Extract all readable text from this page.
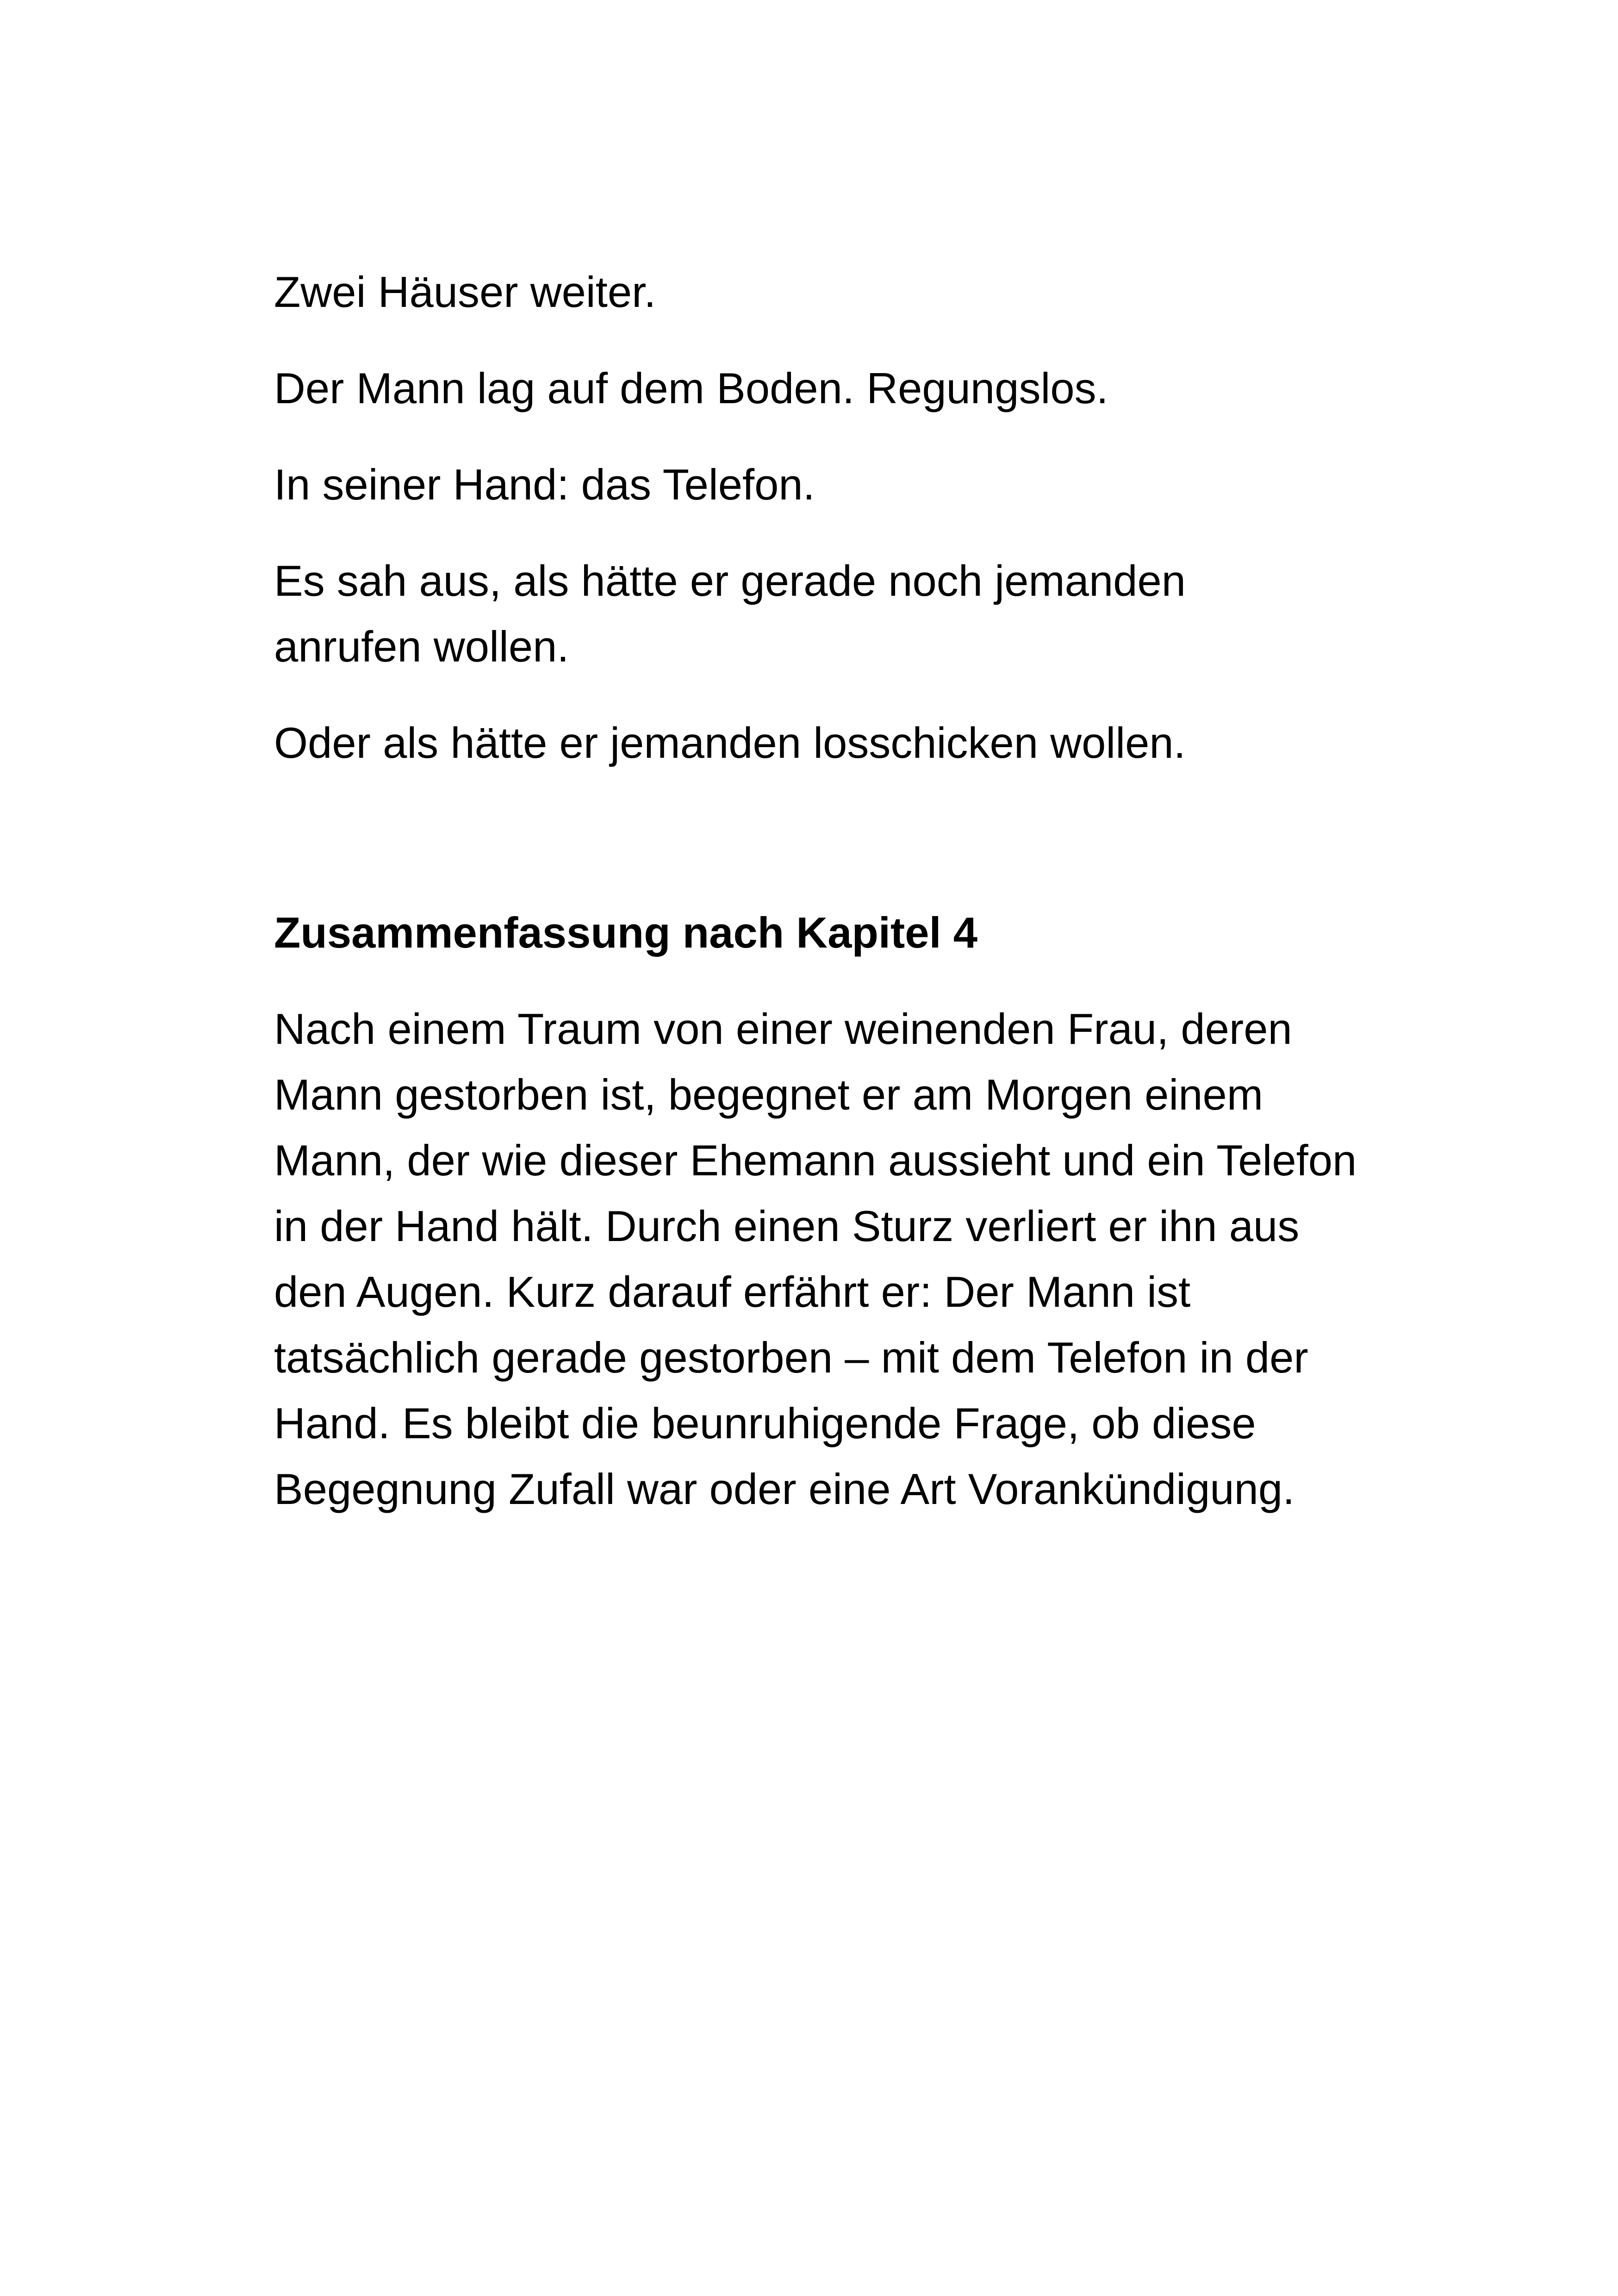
Zwei Häuser weiter.

Der Mann lag auf dem Boden. Regungslos.

In seiner Hand: das Telefon.

Es sah aus, als hätte er gerade noch jemanden anrufen wollen.

Oder als hätte er jemanden losschicken wollen.

Zusammenfassung nach Kapitel 4

Nach einem Traum von einer weinenden Frau, deren Mann gestorben ist, begegnet er am Morgen einem Mann, der wie dieser Ehemann aussieht und ein Telefon in der Hand hält. Durch einen Sturz verliert er ihn aus den Augen. Kurz darauf erfährt er: Der Mann ist tatsächlich gerade gestorben – mit dem Telefon in der Hand. Es bleibt die beunruhigende Frage, ob diese Begegnung Zufall war oder eine Art Vorankündigung.
